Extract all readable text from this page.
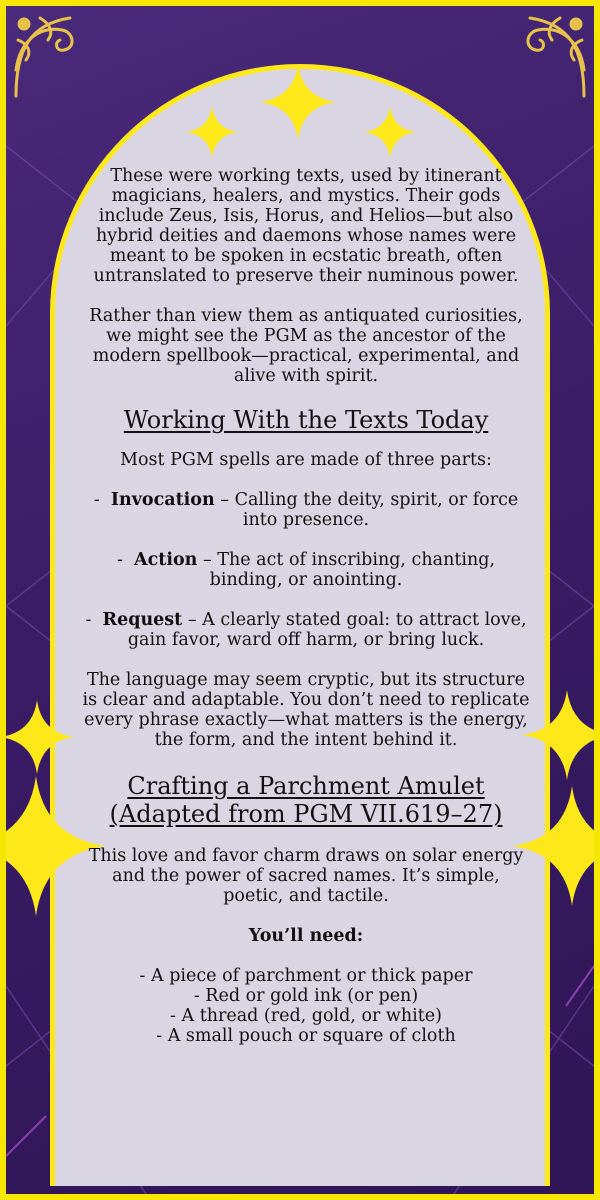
These were working texts, used by itinerant magicians, healers, and mystics. Their gods include Zeus, Isis, Horus, and Helios—but also hybrid deities and daemons whose names were meant to be spoken in ecstatic breath, often untranslated to preserve their numinous power.

Rather than view them as antiquated curiosities, we might see the PGM as the ancestor of the modern spellbook—practical, experimental, and alive with spirit.

Working With the Texts Today

Most PGM spells are made of three parts:

- Invocation – Calling the deity, spirit, or force into presence.

- Action – The act of inscribing, chanting, binding, or anointing.

- Request – A clearly stated goal: to attract love, gain favor, ward off harm, or bring luck.

The language may seem cryptic, but its structure is clear and adaptable. You don’t need to replicate every phrase exactly—what matters is the energy, the form, and the intent behind it.

Crafting a Parchment Amulet
(Adapted from PGM VII.619–27)

This love and favor charm draws on solar energy and the power of sacred names. It’s simple, poetic, and tactile.

You’ll need:

- A piece of parchment or thick paper

- Red or gold ink (or pen)

- A thread (red, gold, or white)

- A small pouch or square of cloth
